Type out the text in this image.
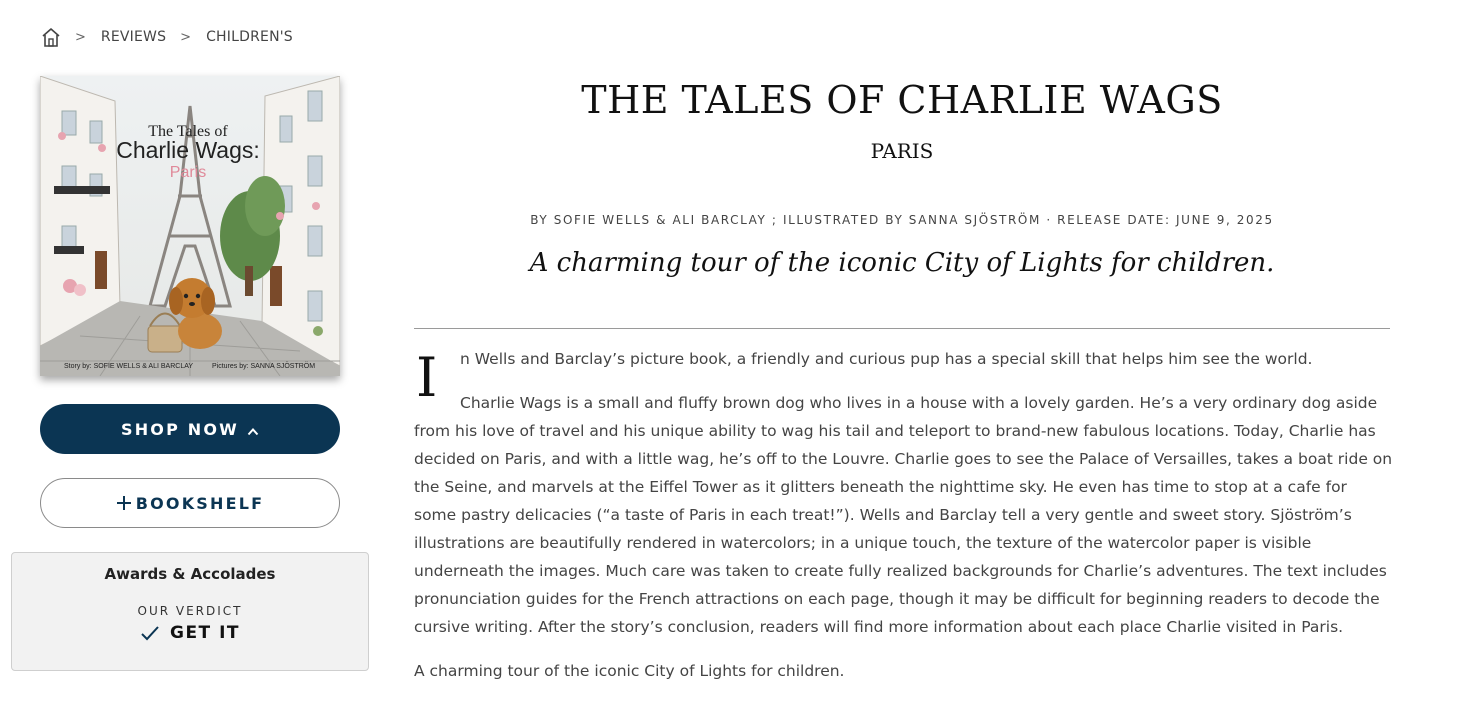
> REVIEWS > CHILDREN'S
The Tales of
Charlie Wags:
Paris
Story by: SOFIE WELLS & ALI BARCLAY	Pictures by: SANNA SJÖSTRÖM
SHOP NOW
BOOKSHELF
Awards & Accolades
OUR VERDICT
GET IT
THE TALES OF CHARLIE WAGS
PARIS
BY SOFIE WELLS & ALI BARCLAY ; ILLUSTRATED BY SANNA SJÖSTRÖM · RELEASE DATE: JUNE 9, 2025
A charming tour of the iconic City of Lights for children.
I n Wells and Barclay’s picture book, a friendly and curious pup has a special skill that helps him see the world.

Charlie Wags is a small and fluffy brown dog who lives in a house with a lovely garden. He’s a very ordinary dog aside from his love of travel and his unique ability to wag his tail and teleport to brand-new fabulous locations. Today, Charlie has decided on Paris, and with a little wag, he’s off to the Louvre. Charlie goes to see the Palace of Versailles, takes a boat ride on the Seine, and marvels at the Eiffel Tower as it glitters beneath the nighttime sky. He even has time to stop at a cafe for some pastry delicacies (“a taste of Paris in each treat!”). Wells and Barclay tell a very gentle and sweet story. Sjöström’s illustrations are beautifully rendered in watercolors; in a unique touch, the texture of the watercolor paper is visible underneath the images. Much care was taken to create fully realized backgrounds for Charlie’s adventures. The text includes pronunciation guides for the French attractions on each page, though it may be difficult for beginning readers to decode the cursive writing. After the story’s conclusion, readers will find more information about each place Charlie visited in Paris.

A charming tour of the iconic City of Lights for children.
